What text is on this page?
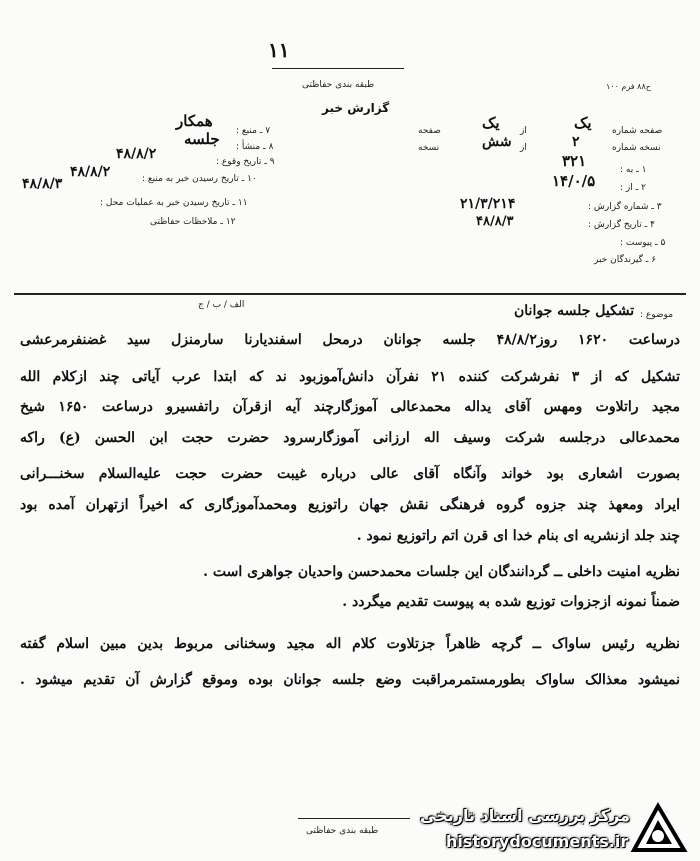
۱۱
طبقه بندی حفاظتی	ح۸۸ فرم ۱۰۰
گزارش خبر
۷ ـ منبع :
همکار
۸ ـ منشأ :
جلسه
۹ ـ تاریخ وقوع :
۴۸/۸/۲
۱۰ ـ تاریخ رسیدن خبر به منبع :
۴۸/۸/۲
۱۱ ـ تاریخ رسیدن خبر به عملیات محل :
۴۸/۸/۳
۱۲ ـ ملاحظات حفاظتی
صفحه شماره
یک
از
یک
صفحه
نسخه شماره
۲
از
شش
نسخه
۱ ـ به :
۳۲۱
۲ ـ از :
۱۴/۰/۵
۳ ـ شماره گزارش :
۲۱/۳/۲۱۴
۴ ـ تاریخ گزارش :
۴۸/۸/۳
۵ ـ پیوست :
۶ ـ گیرندگان خبر
موضوع :
تشکیل جلسه جوانان
الف / ب / ج
درساعت ۱۶۲۰ روز۴۸/۸/۲ جلسه جوانان درمحل اسفندیارنا سارمنزل سید غضنفرمرعشی
تشکیل که از ۳ نفرشرکت کننده ۲۱ نفرآن دانش‌آموزبود ند که ابتدا عرب آیاتی چند ازکلام الله
مجید راتلاوت ومهس آقای یداله محمدعالی آموزگارچند آیه ازقرآن راتفسیرو درساعت ۱۶۵۰ شیخ
محمدعالی درجلسه شرکت وسیف اله ارزانی آموزگارسرود حضرت حجت ابن الحسن (ع) راکه
بصورت اشعاری بود خواند وآنگاه آقای عالی درباره غیبت حضرت حجت علیه‌السلام سخنـــرانی
ایراد ومعهذ چند جزوه گروه فرهنگی نقش جهان راتوزیع ومحمدآموزگاری که اخیراً ازتهران آمده بود
چند جلد ازنشریه ای بنام خدا ای قرن اتم راتوزیع نمود .
نظریه امنیت داخلی ــ گردانندگان این جلسات محمدحسن واحدیان جواهری است .
ضمناً نمونه ازجزوات توزیع شده به پیوست تقدیم میگردد .
نظریه رئیس ساواک ــ گرچه ظاهراً جزتلاوت کلام اله مجید وسخنانی مربوط بدین مبین اسلام گفته
نمیشود معذالک ساواک بطورمستمرمراقبت وضع جلسه جوانان بوده وموقع گزارش آن تقدیم میشود .
طبقه بندی حفاظتی
مرکز بررسی اسناد تاریخی
historydocuments.ir
